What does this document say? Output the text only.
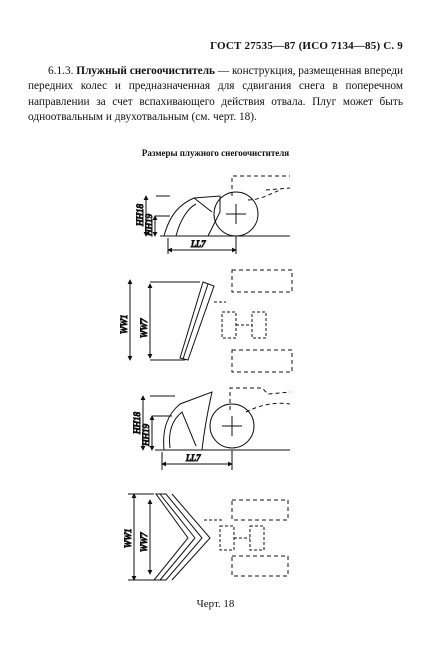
ГОСТ 27535—87 (ИСО 7134—85) С. 9
6.1.3. Плужный снегоочиститель — конструкция, размещенная впереди передних колес и предназначенная для сдвигания снега в поперечном направлении за счет вспахивающего действия отвала. Плуг может быть одноотвальным и двухотвальным (см. черт. 18).
Размеры плужного снегоочистителя
HH18 HH19
LL7
WW1 WW7
HH18
HH19
LL7
WW1 WW7
Черт. 18
